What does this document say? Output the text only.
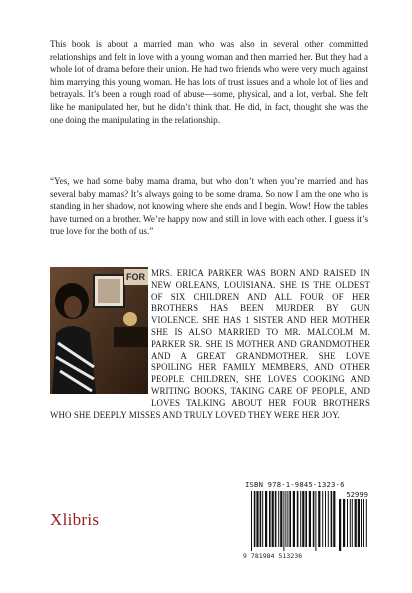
This book is about a married man who was also in several other committed relationships and felt in love with a young woman and then married her. But they had a whole lot of drama before their union. He had two friends who were very much against him marrying this young woman. He has lots of trust issues and a whole lot of lies and betrayals. It’s been a rough road of abuse—some, physical, and a lot, verbal. She felt like he manipulated her, but he didn’t think that. He did, in fact, thought she was the one doing the manipulating in the relationship.

“Yes, we had some baby mama drama, but who don’t when you’re married and has several baby mamas? It’s always going to be some drama. So now I am the one who is standing in her shadow, not knowing where she ends and I begin. Wow! How the tables have turned on a brother. We’re happy now and still in love with each other. I guess it’s true love for the both of us.”

FOR MRS. ERICA PARKER WAS BORN AND RAISED IN NEW ORLEANS, LOUISIANA. SHE IS THE OLDEST OF SIX CHILDREN AND ALL FOUR OF HER BROTHERS HAS BEEN MURDER BY GUN VIOLENCE. SHE HAS 1 SISTER AND HER MOTHER SHE IS ALSO MARRIED TO MR. MALCOLM M. PARKER SR. SHE IS MOTHER AND GRANDMOTHER AND A GREAT GRANDMOTHER. SHE LOVE SPOILING HER FAMILY MEMBERS, AND OTHER PEOPLE CHILDREN, SHE LOVES COOKING AND WRITING BOOKS, TAKING CARE OF PEOPLE, AND LOVES TALKING ABOUT HER FOUR BROTHERS WHO SHE DEEPLY MISSES AND TRULY LOVED THEY WERE HER JOY.

Xlibris
ISBN 978-1-9845-1323-6
52999
9 781984 513236
